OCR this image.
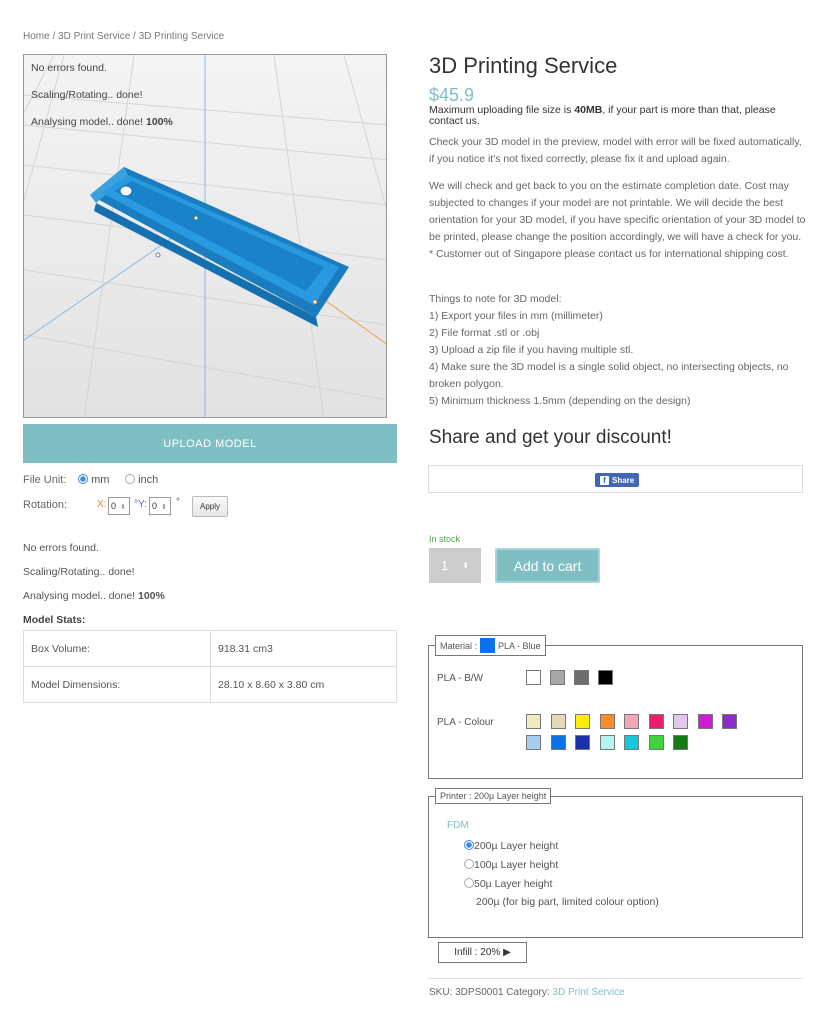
Home / 3D Print Service / 3D Printing Service
No errors found.
Scaling/Rotating.. done!
Analysing model.. done! 100%
UPLOAD MODEL
File Unit:	mm	inch
Rotation:	X: 0 ⬍	°Y: 0 ⬍	°	Apply
No errors found.
Scaling/Rotating.. done!
Analysing model.. done! 100%
Model Stats:
Box Volume:	918.31 cm3
Model Dimensions:	28.10 x 8.60 x 3.80 cm
3D Printing Service
$45.9
Maximum uploading file size is 40MB, if your part is more than that, please contact us.
Check your 3D model in the preview, model with error will be fixed automatically, if you notice it's not fixed correctly, please fix it and upload again.
We will check and get back to you on the estimate completion date. Cost may subjected to changes if your model are not printable. We will decide the best orientation for your 3D model, if you have specific orientation of your 3D model to be printed, please change the position accordingly, we will have a check for you.
* Customer out of Singapore please contact us for international shipping cost.
Things to note for 3D model:
1) Export your files in mm (millimeter)
2) File format .stl or .obj
3) Upload a zip file if you having multiple stl.
4) Make sure the 3D model is a single solid object, no intersecting objects, no broken polygon.
5) Minimum thickness 1.5mm (depending on the design)
Share and get your discount!
f Share
In stock
1 ⬍	Add to cart
Material : PLA - Blue
PLA - B/W
PLA - Colour
Printer : 200µ Layer height
FDM
200µ Layer height
100µ Layer height
50µ Layer height
200µ (for big part, limited colour option)
Infill : 20% ▶
SKU: 3DPS0001 Category: 3D Print Service
